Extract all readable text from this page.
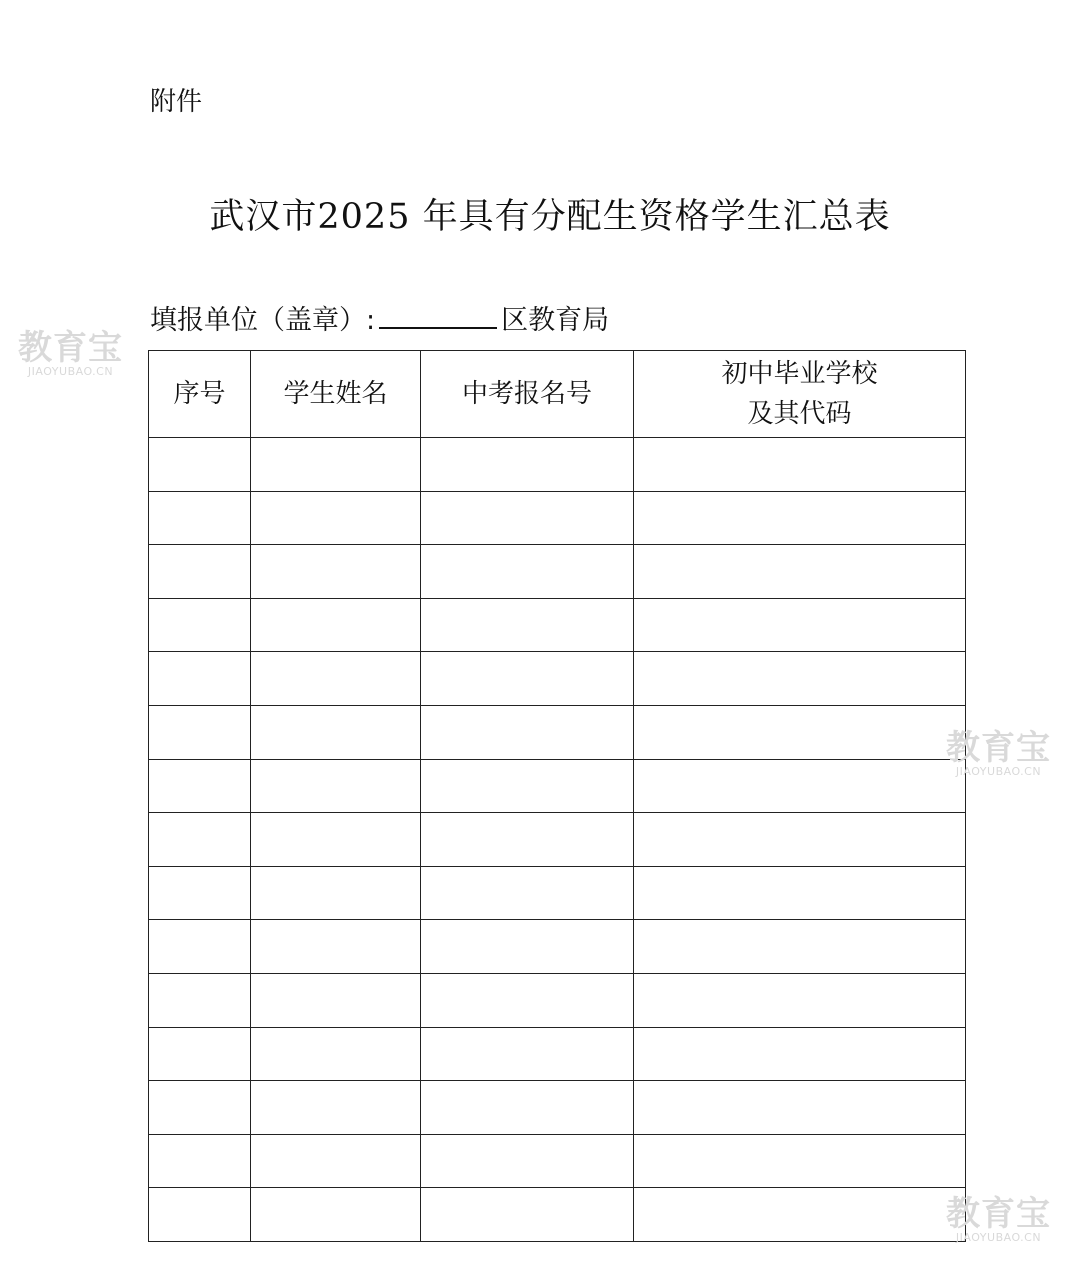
附件
武汉市2025 年具有分配生资格学生汇总表
填报单位（盖章）:	区教育局
序号	学生姓名	中考报名号	初中毕业学校
及其代码

教育宝
JIAOYUBAO.CN
教育宝
JIAOYUBAO.CN
教育宝
JIAOYUBAO.CN
